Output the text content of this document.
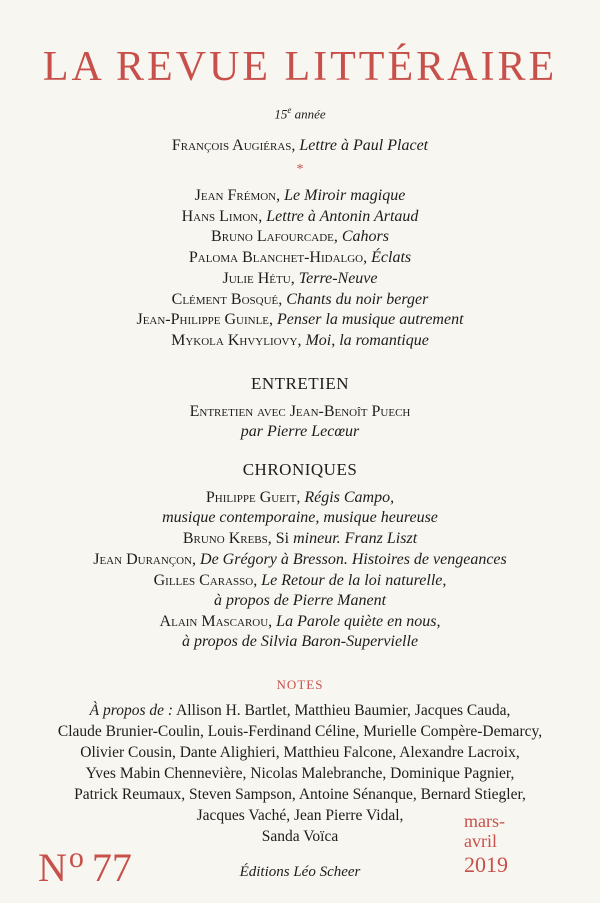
LA REVUE LITTÉRAIRE
15e année
François Augiéras, Lettre à Paul Placet
*
Jean Frémon, Le Miroir magique
Hans Limon, Lettre à Antonin Artaud
Bruno Lafourcade, Cahors
Paloma Blanchet-Hidalgo, Éclats
Julie Hétu, Terre-Neuve
Clément Bosqué, Chants du noir berger
Jean-Philippe Guinle, Penser la musique autrement
Mykola Khvyliovy, Moi, la romantique
ENTRETIEN
Entretien avec Jean-Benoît Puech
par Pierre Lecœur
CHRONIQUES
Philippe Gueit, Régis Campo,
musique contemporaine, musique heureuse
Bruno Krebs, Si mineur. Franz Liszt
Jean Durançon, De Grégory à Bresson. Histoires de vengeances
Gilles Carasso, Le Retour de la loi naturelle,
à propos de Pierre Manent
Alain Mascarou, La Parole quiète en nous,
à propos de Silvia Baron-Supervielle
NOTES
À propos de : Allison H. Bartlet, Matthieu Baumier, Jacques Cauda,
Claude Brunier-Coulin, Louis-Ferdinand Céline, Murielle Compère-Demarcy,
Olivier Cousin, Dante Alighieri, Matthieu Falcone, Alexandre Lacroix,
Yves Mabin Chennevière, Nicolas Malebranche, Dominique Pagnier,
Patrick Reumaux, Steven Sampson, Antoine Sénanque, Bernard Stiegler,
Jacques Vaché, Jean Pierre Vidal,
Sanda Voïca
$N^o$ 77	Éditions Léo Scheer
mars-
avril
2019
